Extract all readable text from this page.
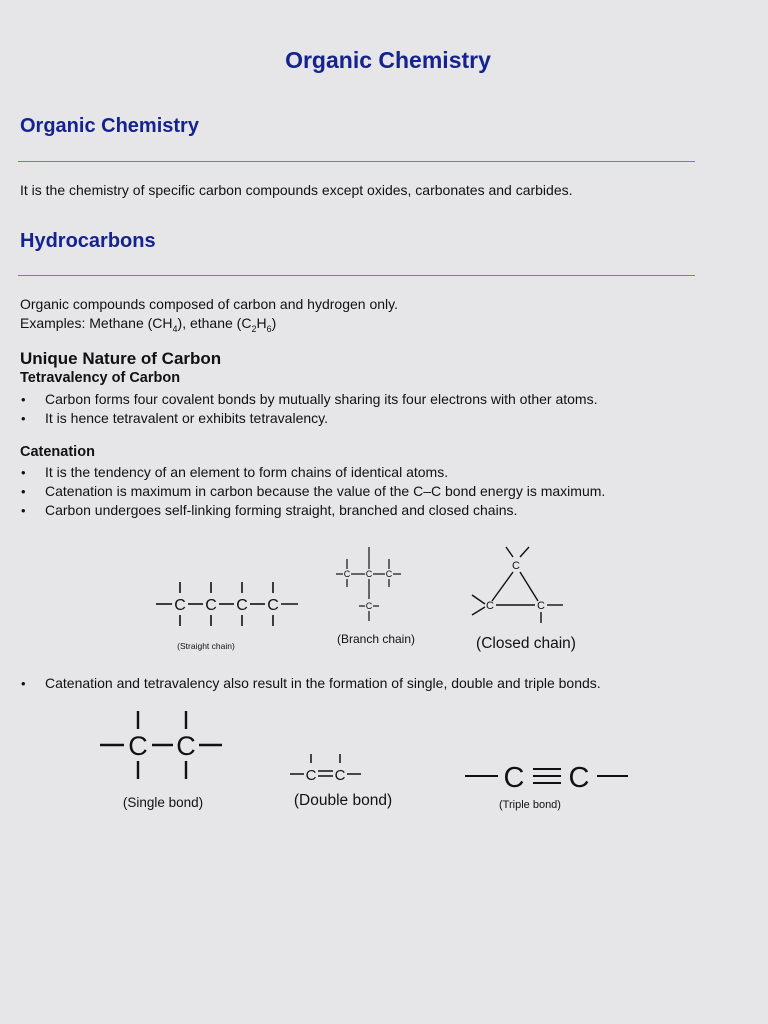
Organic Chemistry
Organic Chemistry

It is the chemistry of specific carbon compounds except oxides, carbonates and carbides.

Hydrocarbons

Organic compounds composed of carbon and hydrogen only.

Examples: Methane $(CH_4)$, ethane $(C_2H_6)$

Unique Nature of Carbon
Tetravalency of Carbon
• Carbon forms four covalent bonds by mutually sharing its four electrons with other atoms.
• It is hence tetravalent or exhibits tetravalency.
Catenation
• It is the tendency of an element to form chains of identical atoms.
• Catenation is maximum in carbon because the value of the C–C bond energy is maximum.
• Carbon undergoes self-linking forming straight, branched and closed chains.
C C C C
(Straight chain)
C C C
C
(Branch chain)
C
C	C
(Closed chain)
• Catenation and tetravalency also result in the formation of single, double and triple bonds.
C C
(Single bond)
C C
(Double bond)
C C
(Triple bond)
